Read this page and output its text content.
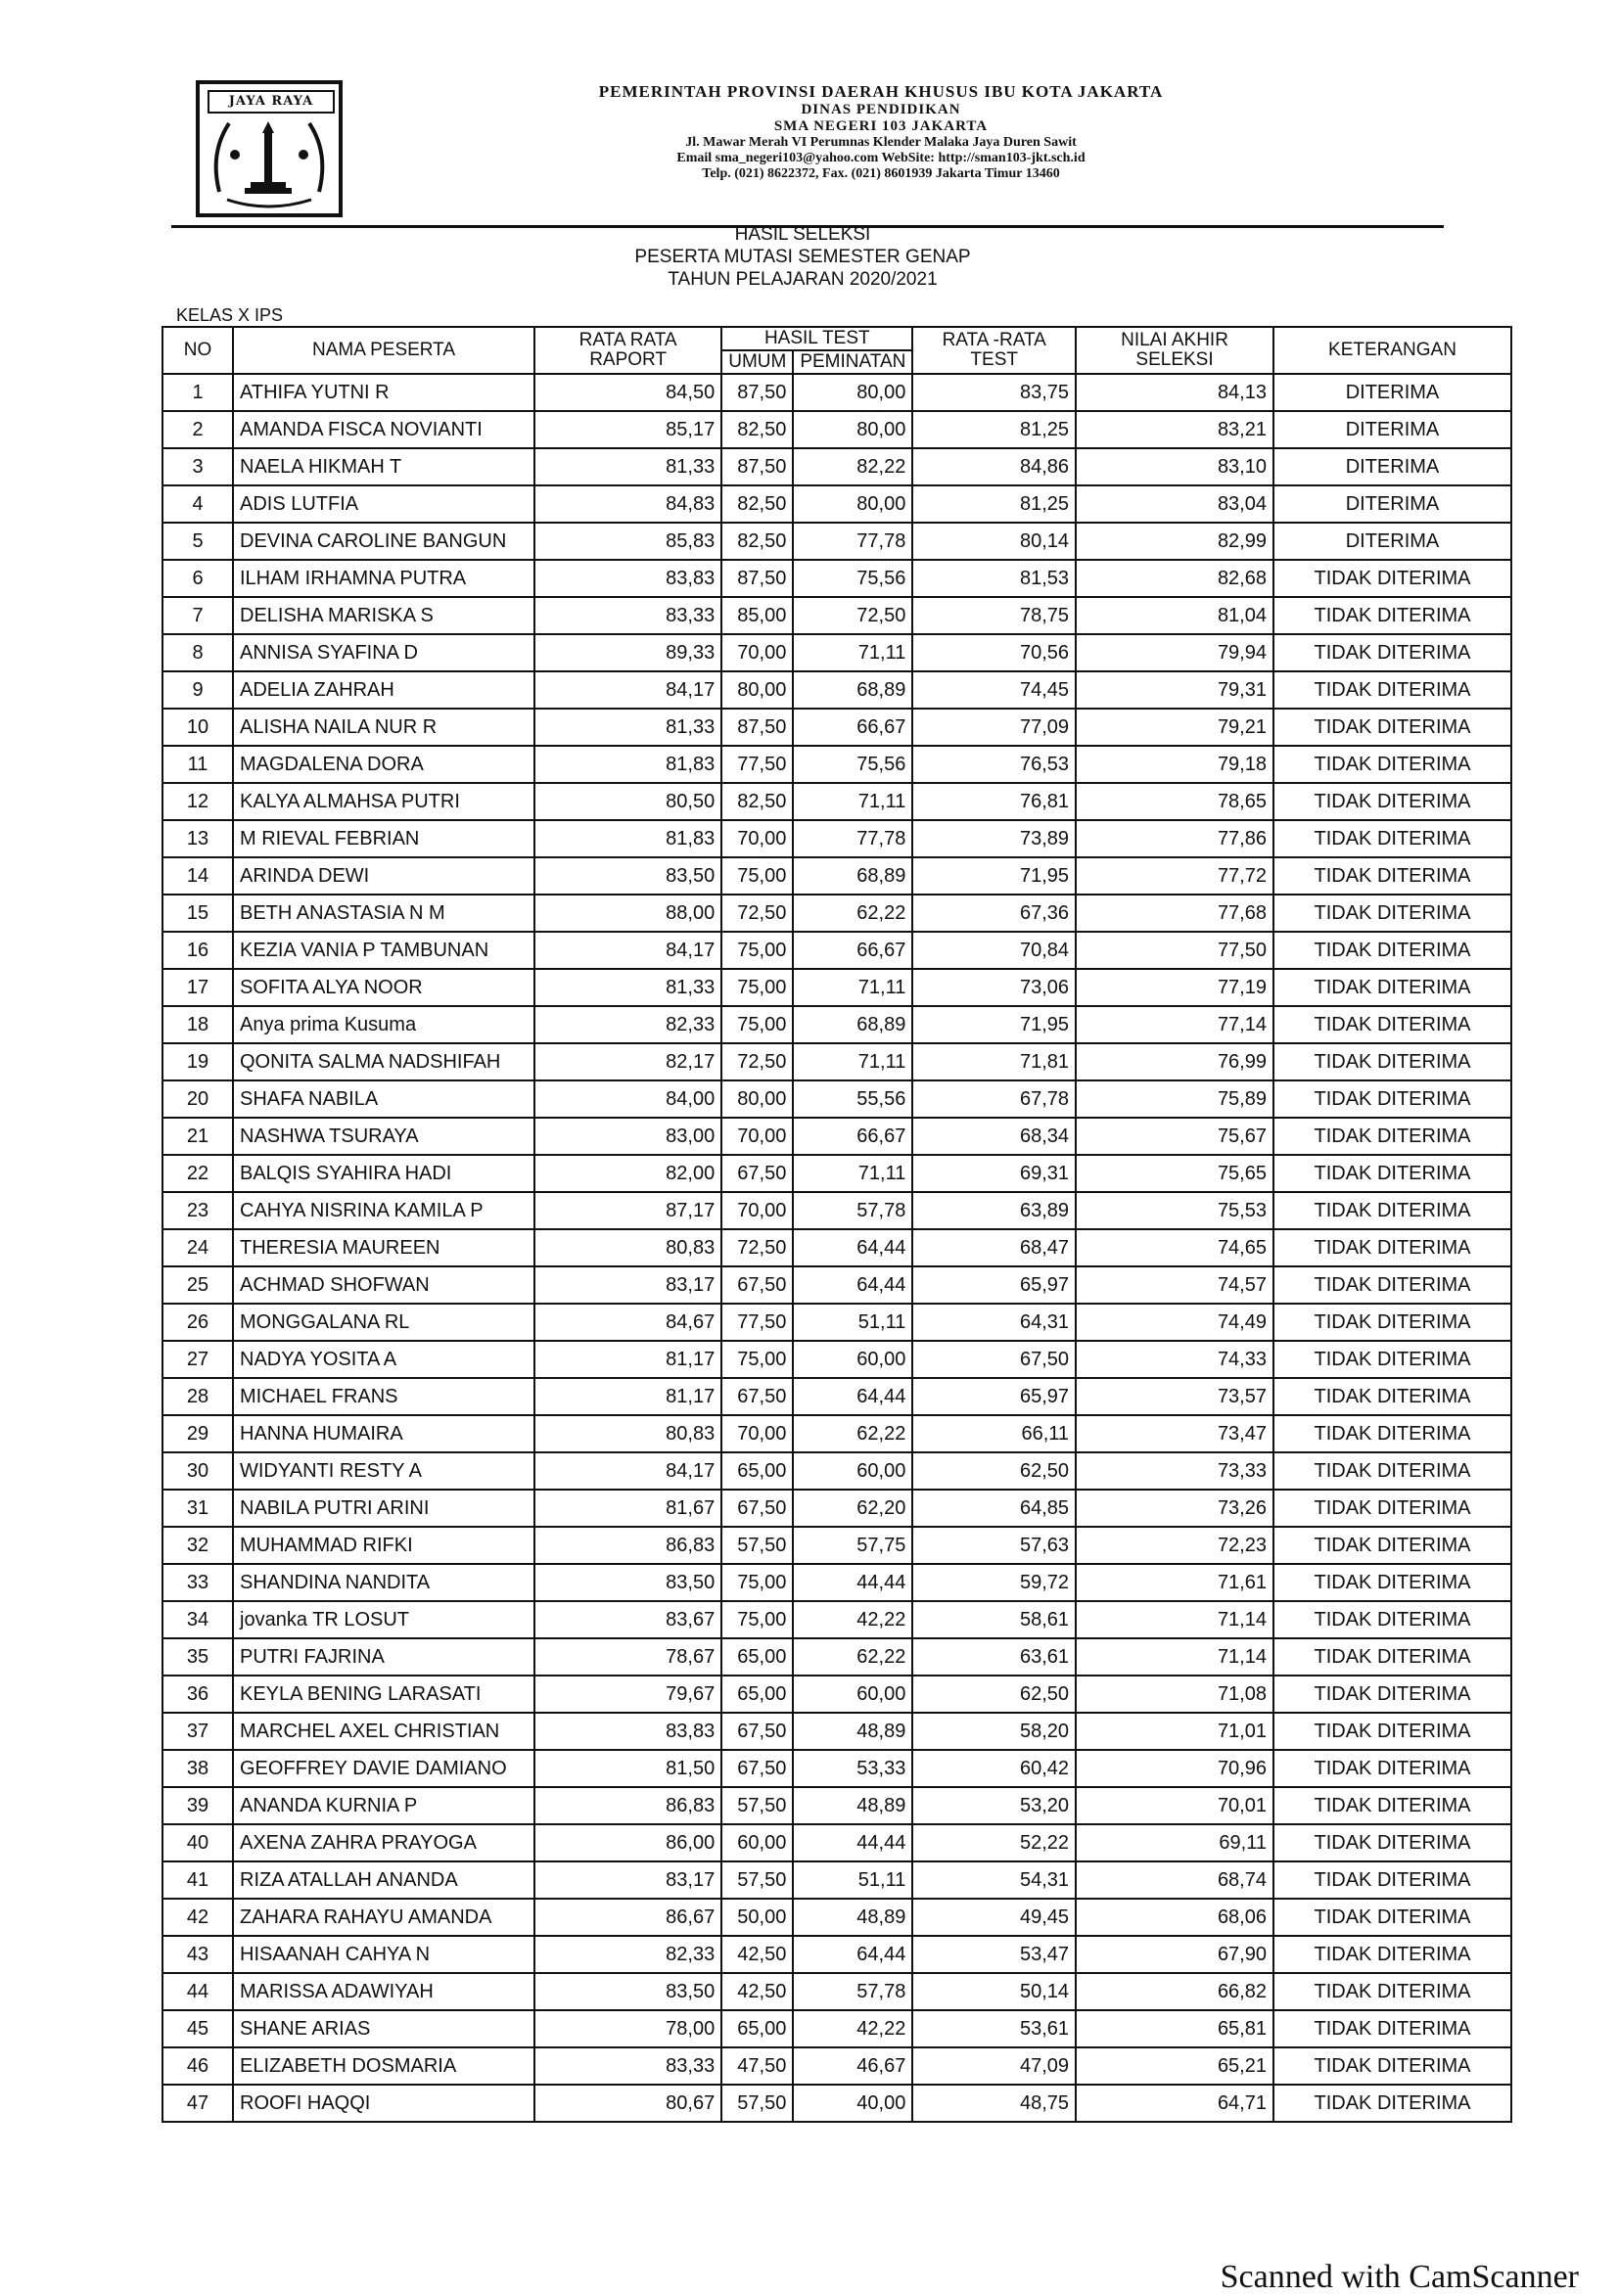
JAYA RAYA
PEMERINTAH PROVINSI DAERAH KHUSUS IBU KOTA JAKARTA
DINAS PENDIDIKAN
SMA NEGERI 103 JAKARTA
Jl. Mawar Merah VI Perumnas Klender Malaka Jaya Duren Sawit
Email sma_negeri103@yahoo.com WebSite: http://sman103-jkt.sch.id
Telp. (021) 8622372, Fax. (021) 8601939 Jakarta Timur 13460
HASIL SELEKSI
PESERTA MUTASI SEMESTER GENAP
TAHUN PELAJARAN 2020/2021
KELAS X IPS
NO	NAMA PESERTA	RATA RATA RAPORT	HASIL TEST		RATA -RATA TEST	NILAI AKHIR SELEKSI	KETERANGAN
			UMUM	PEMINATAN			
1	ATHIFA YUTNI R	84,50	87,50	80,00	83,75	84,13	DITERIMA
2	AMANDA FISCA NOVIANTI	85,17	82,50	80,00	81,25	83,21	DITERIMA
3	NAELA HIKMAH T	81,33	87,50	82,22	84,86	83,10	DITERIMA
4	ADIS LUTFIA	84,83	82,50	80,00	81,25	83,04	DITERIMA
5	DEVINA CAROLINE BANGUN	85,83	82,50	77,78	80,14	82,99	DITERIMA
6	ILHAM IRHAMNA PUTRA	83,83	87,50	75,56	81,53	82,68	TIDAK DITERIMA
7	DELISHA MARISKA S	83,33	85,00	72,50	78,75	81,04	TIDAK DITERIMA
8	ANNISA SYAFINA D	89,33	70,00	71,11	70,56	79,94	TIDAK DITERIMA
9	ADELIA ZAHRAH	84,17	80,00	68,89	74,45	79,31	TIDAK DITERIMA
10	ALISHA NAILA NUR R	81,33	87,50	66,67	77,09	79,21	TIDAK DITERIMA
11	MAGDALENA DORA	81,83	77,50	75,56	76,53	79,18	TIDAK DITERIMA
12	KALYA ALMAHSA PUTRI	80,50	82,50	71,11	76,81	78,65	TIDAK DITERIMA
13	M RIEVAL FEBRIAN	81,83	70,00	77,78	73,89	77,86	TIDAK DITERIMA
14	ARINDA DEWI	83,50	75,00	68,89	71,95	77,72	TIDAK DITERIMA
15	BETH ANASTASIA N M	88,00	72,50	62,22	67,36	77,68	TIDAK DITERIMA
16	KEZIA VANIA P TAMBUNAN	84,17	75,00	66,67	70,84	77,50	TIDAK DITERIMA
17	SOFITA ALYA NOOR	81,33	75,00	71,11	73,06	77,19	TIDAK DITERIMA
18	Anya prima Kusuma	82,33	75,00	68,89	71,95	77,14	TIDAK DITERIMA
19	QONITA SALMA NADSHIFAH	82,17	72,50	71,11	71,81	76,99	TIDAK DITERIMA
20	SHAFA NABILA	84,00	80,00	55,56	67,78	75,89	TIDAK DITERIMA
21	NASHWA TSURAYA	83,00	70,00	66,67	68,34	75,67	TIDAK DITERIMA
22	BALQIS SYAHIRA HADI	82,00	67,50	71,11	69,31	75,65	TIDAK DITERIMA
23	CAHYA NISRINA KAMILA P	87,17	70,00	57,78	63,89	75,53	TIDAK DITERIMA
24	THERESIA MAUREEN	80,83	72,50	64,44	68,47	74,65	TIDAK DITERIMA
25	ACHMAD SHOFWAN	83,17	67,50	64,44	65,97	74,57	TIDAK DITERIMA
26	MONGGALANA RL	84,67	77,50	51,11	64,31	74,49	TIDAK DITERIMA
27	NADYA YOSITA A	81,17	75,00	60,00	67,50	74,33	TIDAK DITERIMA
28	MICHAEL FRANS	81,17	67,50	64,44	65,97	73,57	TIDAK DITERIMA
29	HANNA HUMAIRA	80,83	70,00	62,22	66,11	73,47	TIDAK DITERIMA
30	WIDYANTI RESTY A	84,17	65,00	60,00	62,50	73,33	TIDAK DITERIMA
31	NABILA PUTRI ARINI	81,67	67,50	62,20	64,85	73,26	TIDAK DITERIMA
32	MUHAMMAD RIFKI	86,83	57,50	57,75	57,63	72,23	TIDAK DITERIMA
33	SHANDINA NANDITA	83,50	75,00	44,44	59,72	71,61	TIDAK DITERIMA
34	jovanka TR LOSUT	83,67	75,00	42,22	58,61	71,14	TIDAK DITERIMA
35	PUTRI FAJRINA	78,67	65,00	62,22	63,61	71,14	TIDAK DITERIMA
36	KEYLA BENING LARASATI	79,67	65,00	60,00	62,50	71,08	TIDAK DITERIMA
37	MARCHEL AXEL CHRISTIAN	83,83	67,50	48,89	58,20	71,01	TIDAK DITERIMA
38	GEOFFREY DAVIE DAMIANO	81,50	67,50	53,33	60,42	70,96	TIDAK DITERIMA
39	ANANDA KURNIA P	86,83	57,50	48,89	53,20	70,01	TIDAK DITERIMA
40	AXENA ZAHRA PRAYOGA	86,00	60,00	44,44	52,22	69,11	TIDAK DITERIMA
41	RIZA ATALLAH ANANDA	83,17	57,50	51,11	54,31	68,74	TIDAK DITERIMA
42	ZAHARA RAHAYU AMANDA	86,67	50,00	48,89	49,45	68,06	TIDAK DITERIMA
43	HISAANAH CAHYA N	82,33	42,50	64,44	53,47	67,90	TIDAK DITERIMA
44	MARISSA ADAWIYAH	83,50	42,50	57,78	50,14	66,82	TIDAK DITERIMA
45	SHANE ARIAS	78,00	65,00	42,22	53,61	65,81	TIDAK DITERIMA
46	ELIZABETH DOSMARIA	83,33	47,50	46,67	47,09	65,21	TIDAK DITERIMA
47	ROOFI HAQQI	80,67	57,50	40,00	48,75	64,71	TIDAK DITERIMA
Scanned with CamScanner
